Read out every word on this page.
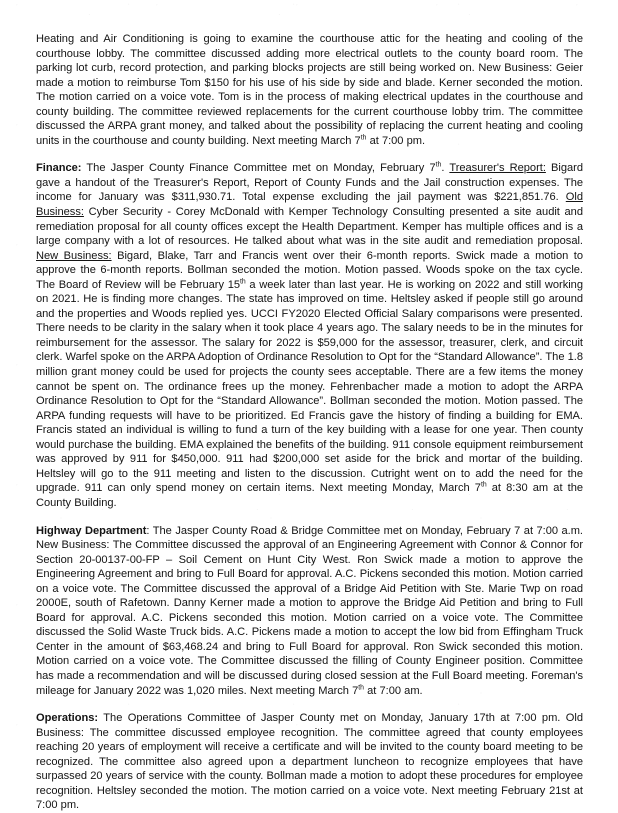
Heating and Air Conditioning is going to examine the courthouse attic for the heating and cooling of the courthouse lobby. The committee discussed adding more electrical outlets to the county board room. The parking lot curb, record protection, and parking blocks projects are still being worked on. New Business: Geier made a motion to reimburse Tom $150 for his use of his side by side and blade. Kerner seconded the motion. The motion carried on a voice vote. Tom is in the process of making electrical updates in the courthouse and county building. The committee reviewed replacements for the current courthouse lobby trim. The committee discussed the ARPA grant money, and talked about the possibility of replacing the current heating and cooling units in the courthouse and county building. Next meeting March 7th at 7:00 pm.

Finance: The Jasper County Finance Committee met on Monday, February 7th. Treasurer's Report: Bigard gave a handout of the Treasurer's Report, Report of County Funds and the Jail construction expenses. The income for January was $311,930.71. Total expense excluding the jail payment was $221,851.76. Old Business: Cyber Security - Corey McDonald with Kemper Technology Consulting presented a site audit and remediation proposal for all county offices except the Health Department. Kemper has multiple offices and is a large company with a lot of resources. He talked about what was in the site audit and remediation proposal. New Business: Bigard, Blake, Tarr and Francis went over their 6-month reports. Swick made a motion to approve the 6-month reports. Bollman seconded the motion. Motion passed. Woods spoke on the tax cycle. The Board of Review will be February 15th a week later than last year. He is working on 2022 and still working on 2021. He is finding more changes. The state has improved on time. Heltsley asked if people still go around and the properties and Woods replied yes. UCCI FY2020 Elected Official Salary comparisons were presented. There needs to be clarity in the salary when it took place 4 years ago. The salary needs to be in the minutes for reimbursement for the assessor. The salary for 2022 is $59,000 for the assessor, treasurer, clerk, and circuit clerk. Warfel spoke on the ARPA Adoption of Ordinance Resolution to Opt for the “Standard Allowance”. The 1.8 million grant money could be used for projects the county sees acceptable. There are a few items the money cannot be spent on. The ordinance frees up the money. Fehrenbacher made a motion to adopt the ARPA Ordinance Resolution to Opt for the “Standard Allowance”. Bollman seconded the motion. Motion passed. The ARPA funding requests will have to be prioritized. Ed Francis gave the history of finding a building for EMA. Francis stated an individual is willing to fund a turn of the key building with a lease for one year. Then county would purchase the building. EMA explained the benefits of the building. 911 console equipment reimbursement was approved by 911 for $450,000. 911 had $200,000 set aside for the brick and mortar of the building. Heltsley will go to the 911 meeting and listen to the discussion. Cutright went on to add the need for the upgrade. 911 can only spend money on certain items. Next meeting Monday, March 7th at 8:30 am at the County Building.

Highway Department: The Jasper County Road & Bridge Committee met on Monday, February 7 at 7:00 a.m. New Business: The Committee discussed the approval of an Engineering Agreement with Connor & Connor for Section 20-00137-00-FP – Soil Cement on Hunt City West. Ron Swick made a motion to approve the Engineering Agreement and bring to Full Board for approval. A.C. Pickens seconded this motion. Motion carried on a voice vote. The Committee discussed the approval of a Bridge Aid Petition with Ste. Marie Twp on road 2000E, south of Rafetown. Danny Kerner made a motion to approve the Bridge Aid Petition and bring to Full Board for approval. A.C. Pickens seconded this motion. Motion carried on a voice vote. The Committee discussed the Solid Waste Truck bids. A.C. Pickens made a motion to accept the low bid from Effingham Truck Center in the amount of $63,468.24 and bring to Full Board for approval. Ron Swick seconded this motion. Motion carried on a voice vote. The Committee discussed the filling of County Engineer position. Committee has made a recommendation and will be discussed during closed session at the Full Board meeting. Foreman's mileage for January 2022 was 1,020 miles. Next meeting March 7th at 7:00 am.

Operations: The Operations Committee of Jasper County met on Monday, January 17th at 7:00 pm. Old Business: The committee discussed employee recognition. The committee agreed that county employees reaching 20 years of employment will receive a certificate and will be invited to the county board meeting to be recognized. The committee also agreed upon a department luncheon to recognize employees that have surpassed 20 years of service with the county. Bollman made a motion to adopt these procedures for employee recognition. Heltsley seconded the motion. The motion carried on a voice vote. Next meeting February 21st at 7:00 pm.
